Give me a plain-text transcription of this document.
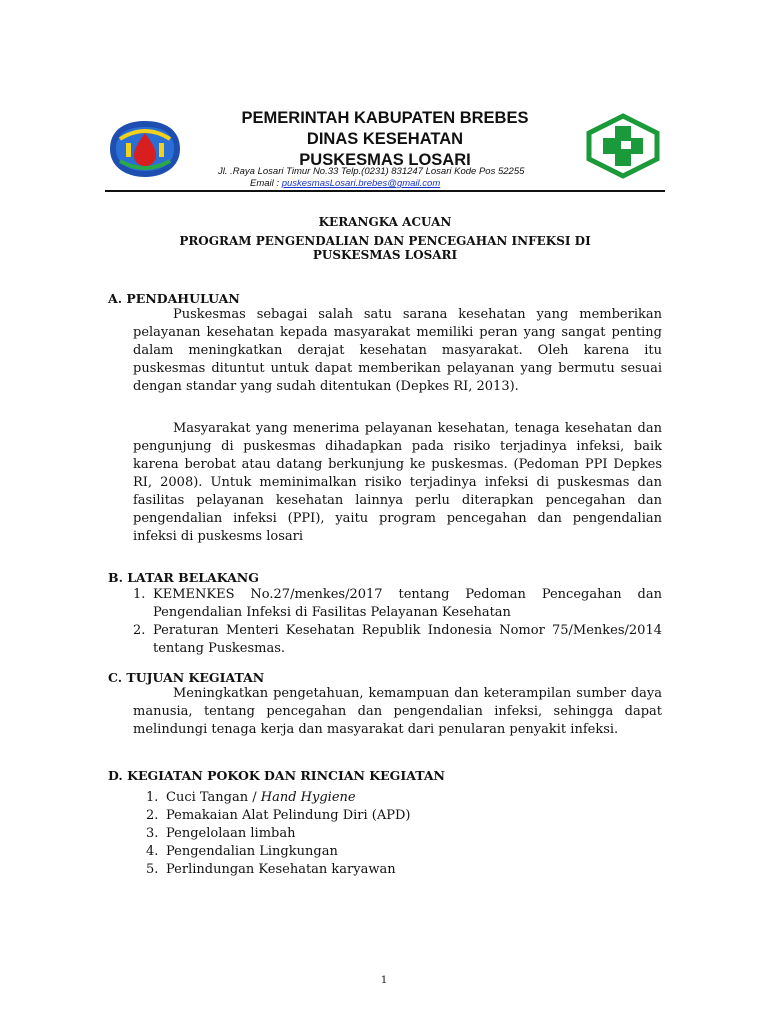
PEMERINTAH KABUPATEN BREBES
DINAS KESEHATAN
PUSKESMAS LOSARI
Jl. .Raya Losari Timur No.33 Telp.(0231) 831247 Losari Kode Pos 52255
Email : puskesmasLosari.brebes@gmail.com
KERANGKA ACUAN
PROGRAM PENGENDALIAN DAN PENCEGAHAN INFEKSI DI
PUSKESMAS LOSARI
A. PENDAHULUAN

Puskesmas sebagai salah satu sarana kesehatan yang memberikan pelayanan kesehatan kepada masyarakat memiliki peran yang sangat penting dalam meningkatkan derajat kesehatan masyarakat. Oleh karena itu puskesmas dituntut untuk dapat memberikan pelayanan yang bermutu sesuai dengan standar yang sudah ditentukan (Depkes RI, 2013).

Masyarakat yang menerima pelayanan kesehatan, tenaga kesehatan dan pengunjung di puskesmas dihadapkan pada risiko terjadinya infeksi, baik karena berobat atau datang berkunjung ke puskesmas. (Pedoman PPI Depkes RI, 2008). Untuk meminimalkan risiko terjadinya infeksi di puskesmas dan fasilitas pelayanan kesehatan lainnya perlu diterapkan pencegahan dan pengendalian infeksi (PPI), yaitu program pencegahan dan pengendalian infeksi di puskesms losari

B. LATAR BELAKANG
1. KEMENKES No.27/menkes/2017 tentang Pedoman Pencegahan dan Pengendalian Infeksi di Fasilitas Pelayanan Kesehatan
2. Peraturan Menteri Kesehatan Republik Indonesia Nomor 75/Menkes/2014 tentang Puskesmas.
C. TUJUAN KEGIATAN

Meningkatkan pengetahuan, kemampuan dan keterampilan sumber daya manusia, tentang pencegahan dan pengendalian infeksi, sehingga dapat melindungi tenaga kerja dan masyarakat dari penularan penyakit infeksi.

D. KEGIATAN POKOK DAN RINCIAN KEGIATAN
1. Cuci Tangan / Hand Hygiene
2. Pemakaian Alat Pelindung Diri (APD)
3. Pengelolaan limbah
4. Pengendalian Lingkungan
5. Perlindungan Kesehatan karyawan
1
